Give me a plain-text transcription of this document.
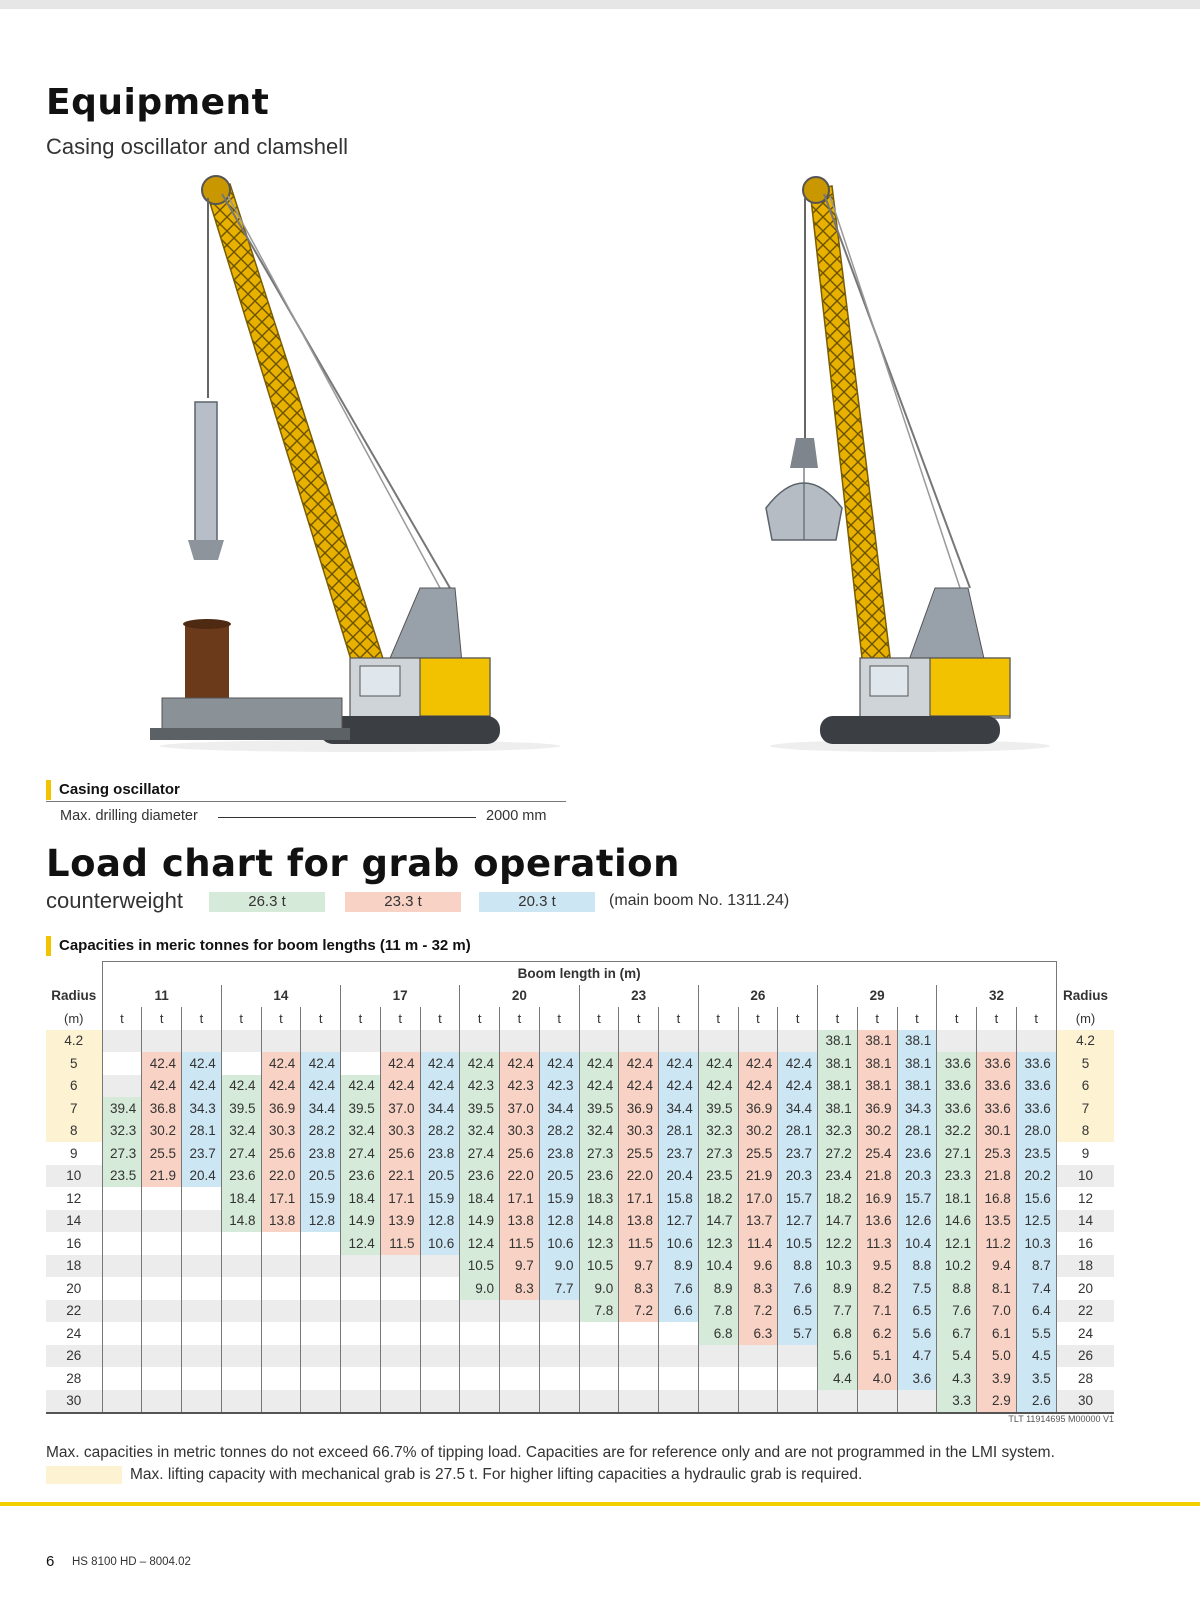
Equipment
Casing oscillator and clamshell
Casing oscillator
Max. drilling diameter	2000 mm
Load chart for grab operation
counterweight	26.3 t	23.3 t	20.3 t	(main boom No. 1311.24)
Capacities in meric tonnes for boom lengths (11 m - 32 m)
	Boom length in (m)																								
Radius	11			14			17			20			23			26			29			32			Radius
(m)	t	t	t	t	t	t	t	t	t	t	t	t	t	t	t	t	t	t	t	t	t	t	t	t	(m)
4.2																			38.1	38.1	38.1				4.2
5		42.4	42.4		42.4	42.4		42.4	42.4	42.4	42.4	42.4	42.4	42.4	42.4	42.4	42.4	42.4	38.1	38.1	38.1	33.6	33.6	33.6	5
6		42.4	42.4	42.4	42.4	42.4	42.4	42.4	42.4	42.3	42.3	42.3	42.4	42.4	42.4	42.4	42.4	42.4	38.1	38.1	38.1	33.6	33.6	33.6	6
7	39.4	36.8	34.3	39.5	36.9	34.4	39.5	37.0	34.4	39.5	37.0	34.4	39.5	36.9	34.4	39.5	36.9	34.4	38.1	36.9	34.3	33.6	33.6	33.6	7
8	32.3	30.2	28.1	32.4	30.3	28.2	32.4	30.3	28.2	32.4	30.3	28.2	32.4	30.3	28.1	32.3	30.2	28.1	32.3	30.2	28.1	32.2	30.1	28.0	8
9	27.3	25.5	23.7	27.4	25.6	23.8	27.4	25.6	23.8	27.4	25.6	23.8	27.3	25.5	23.7	27.3	25.5	23.7	27.2	25.4	23.6	27.1	25.3	23.5	9
10	23.5	21.9	20.4	23.6	22.0	20.5	23.6	22.1	20.5	23.6	22.0	20.5	23.6	22.0	20.4	23.5	21.9	20.3	23.4	21.8	20.3	23.3	21.8	20.2	10
12				18.4	17.1	15.9	18.4	17.1	15.9	18.4	17.1	15.9	18.3	17.1	15.8	18.2	17.0	15.7	18.2	16.9	15.7	18.1	16.8	15.6	12
14				14.8	13.8	12.8	14.9	13.9	12.8	14.9	13.8	12.8	14.8	13.8	12.7	14.7	13.7	12.7	14.7	13.6	12.6	14.6	13.5	12.5	14
16							12.4	11.5	10.6	12.4	11.5	10.6	12.3	11.5	10.6	12.3	11.4	10.5	12.2	11.3	10.4	12.1	11.2	10.3	16
18										10.5	9.7	9.0	10.5	9.7	8.9	10.4	9.6	8.8	10.3	9.5	8.8	10.2	9.4	8.7	18
20										9.0	8.3	7.7	9.0	8.3	7.6	8.9	8.3	7.6	8.9	8.2	7.5	8.8	8.1	7.4	20
22													7.8	7.2	6.6	7.8	7.2	6.5	7.7	7.1	6.5	7.6	7.0	6.4	22
24																6.8	6.3	5.7	6.8	6.2	5.6	6.7	6.1	5.5	24
26																			5.6	5.1	4.7	5.4	5.0	4.5	26
28																			4.4	4.0	3.6	4.3	3.9	3.5	28
30																						3.3	2.9	2.6	30
TLT 11914695 M00000 V1
Max. capacities in metric tonnes do not exceed 66.7% of tipping load. Capacities are for reference only and are not programmed in the LMI system.
Max. lifting capacity with mechanical grab is 27.5 t. For higher lifting capacities a hydraulic grab is required.
6 HS 8100 HD – 8004.02
